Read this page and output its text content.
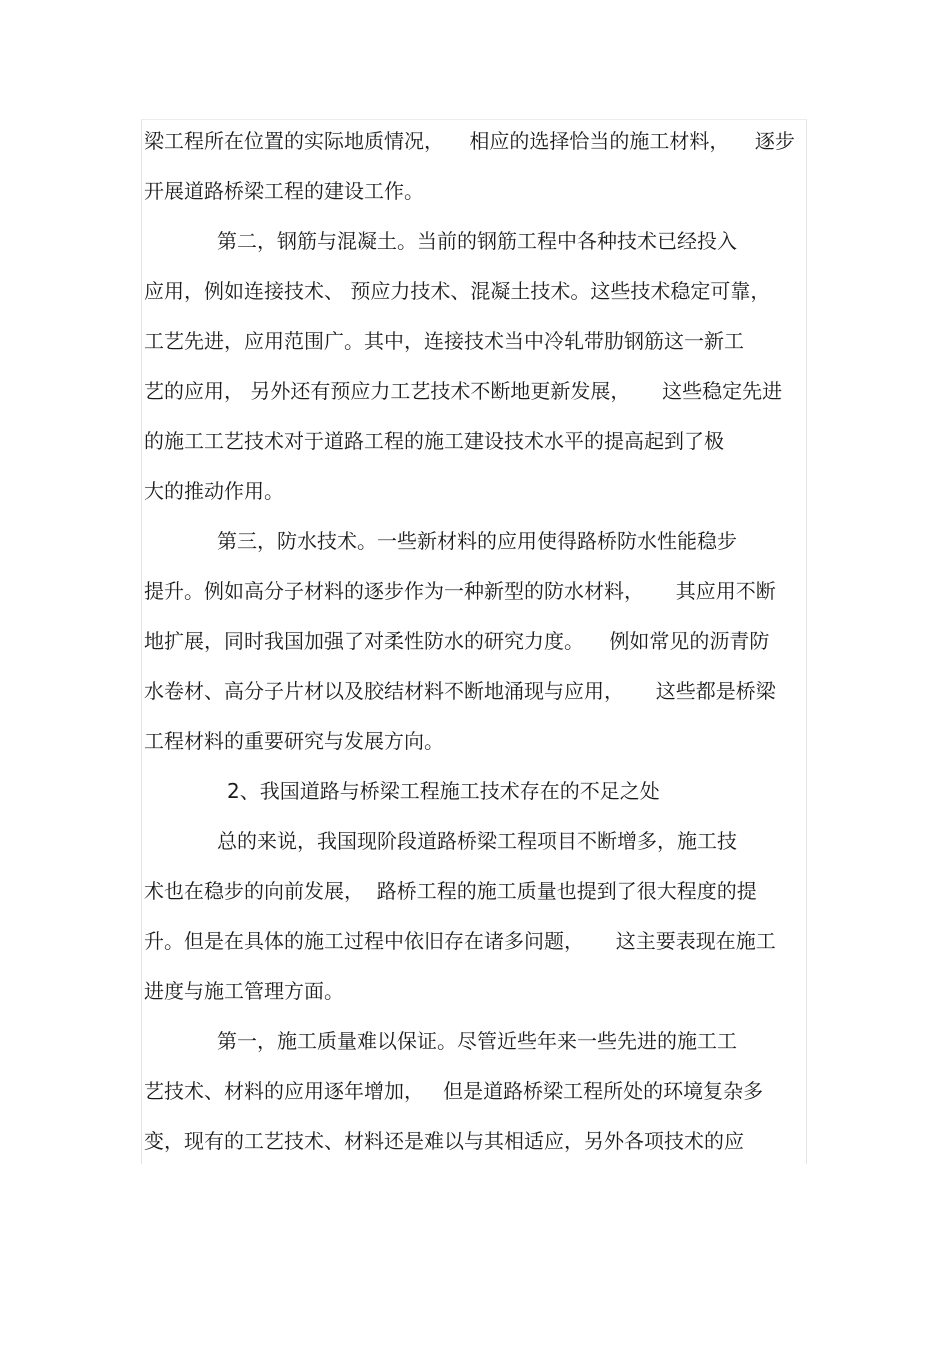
梁工程所在位置的实际地质情况，    相应的选择恰当的施工材料，    逐步
开展道路桥梁工程的建设工作。
第二，钢筋与混凝土。当前的钢筋工程中各种技术已经投入
应用，例如连接技术、 预应力技术、混凝土技术。这些技术稳定可靠，
工艺先进，应用范围广。其中，连接技术当中冷轧带肋钢筋这一新工
艺的应用， 另外还有预应力工艺技术不断地更新发展，     这些稳定先进
的施工工艺技术对于道路工程的施工建设技术水平的提高起到了极
大的推动作用。
第三，防水技术。一些新材料的应用使得路桥防水性能稳步
提升。例如高分子材料的逐步作为一种新型的防水材料，     其应用不断
地扩展，同时我国加强了对柔性防水的研究力度。    例如常见的沥青防
水卷材、高分子片材以及胶结材料不断地涌现与应用，     这些都是桥梁
工程材料的重要研究与发展方向。
2、我国道路与桥梁工程施工技术存在的不足之处
总的来说，我国现阶段道路桥梁工程项目不断增多，施工技
术也在稳步的向前发展，  路桥工程的施工质量也提到了很大程度的提
升。但是在具体的施工过程中依旧存在诸多问题，     这主要表现在施工
进度与施工管理方面。
第一，施工质量难以保证。尽管近些年来一些先进的施工工
艺技术、材料的应用逐年增加，   但是道路桥梁工程所处的环境复杂多
变，现有的工艺技术、材料还是难以与其相适应，另外各项技术的应
